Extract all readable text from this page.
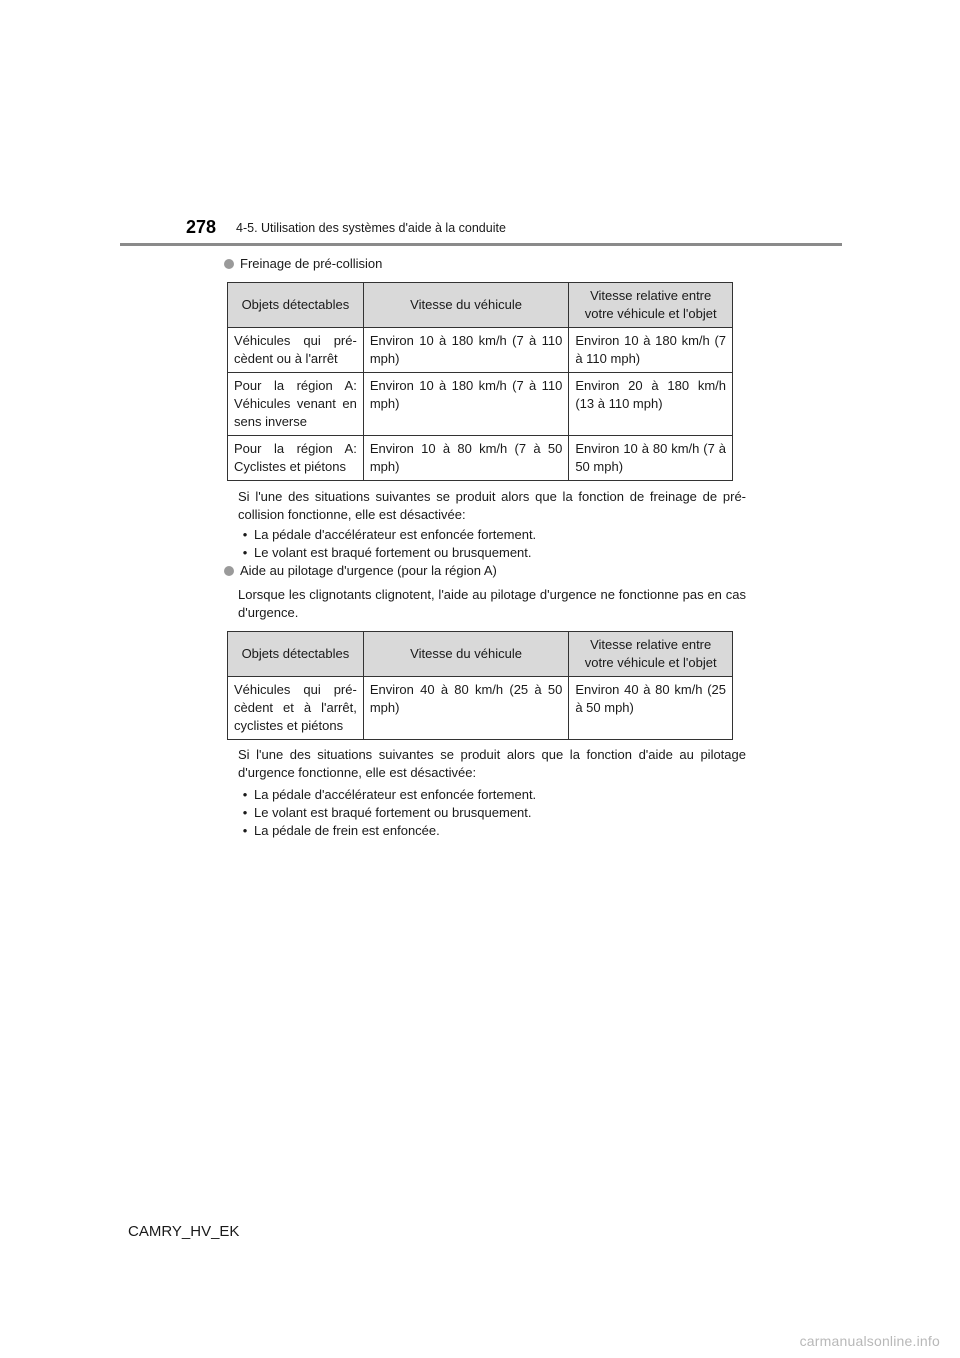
278 4-5. Utilisation des systèmes d'aide à la conduite
Freinage de pré-collision
Objets détectables	Vitesse du véhicule	Vitesse relative entre votre véhicule et l'objet
Véhicules qui pré-cèdent ou à l'arrêt	Environ 10 à 180 km/h (7 à 110 mph)	Environ 10 à 180 km/h (7 à 110 mph)
Pour la région A: Véhicules venant en sens inverse	Environ 10 à 180 km/h (7 à 110 mph)	Environ 20 à 180 km/h (13 à 110 mph)
Pour la région A: Cyclistes et piétons	Environ 10 à 80 km/h (7 à 50 mph)	Environ 10 à 80 km/h (7 à 50 mph)
Si l'une des situations suivantes se produit alors que la fonction de freinage de pré-collision fonctionne, elle est désactivée:
• La pédale d'accélérateur est enfoncée fortement.
• Le volant est braqué fortement ou brusquement.
Aide au pilotage d'urgence (pour la région A)
Lorsque les clignotants clignotent, l'aide au pilotage d'urgence ne fonctionne pas en cas d'urgence.
Objets détectables	Vitesse du véhicule	Vitesse relative entre votre véhicule et l'objet
Véhicules qui pré-cèdent et à l'arrêt, cyclistes et piétons	Environ 40 à 80 km/h (25 à 50 mph)	Environ 40 à 80 km/h (25 à 50 mph)
Si l'une des situations suivantes se produit alors que la fonction d'aide au pilotage d'urgence fonctionne, elle est désactivée:
• La pédale d'accélérateur est enfoncée fortement.
• Le volant est braqué fortement ou brusquement.
• La pédale de frein est enfoncée.
CAMRY_HV_EK
carmanualsonline.info
